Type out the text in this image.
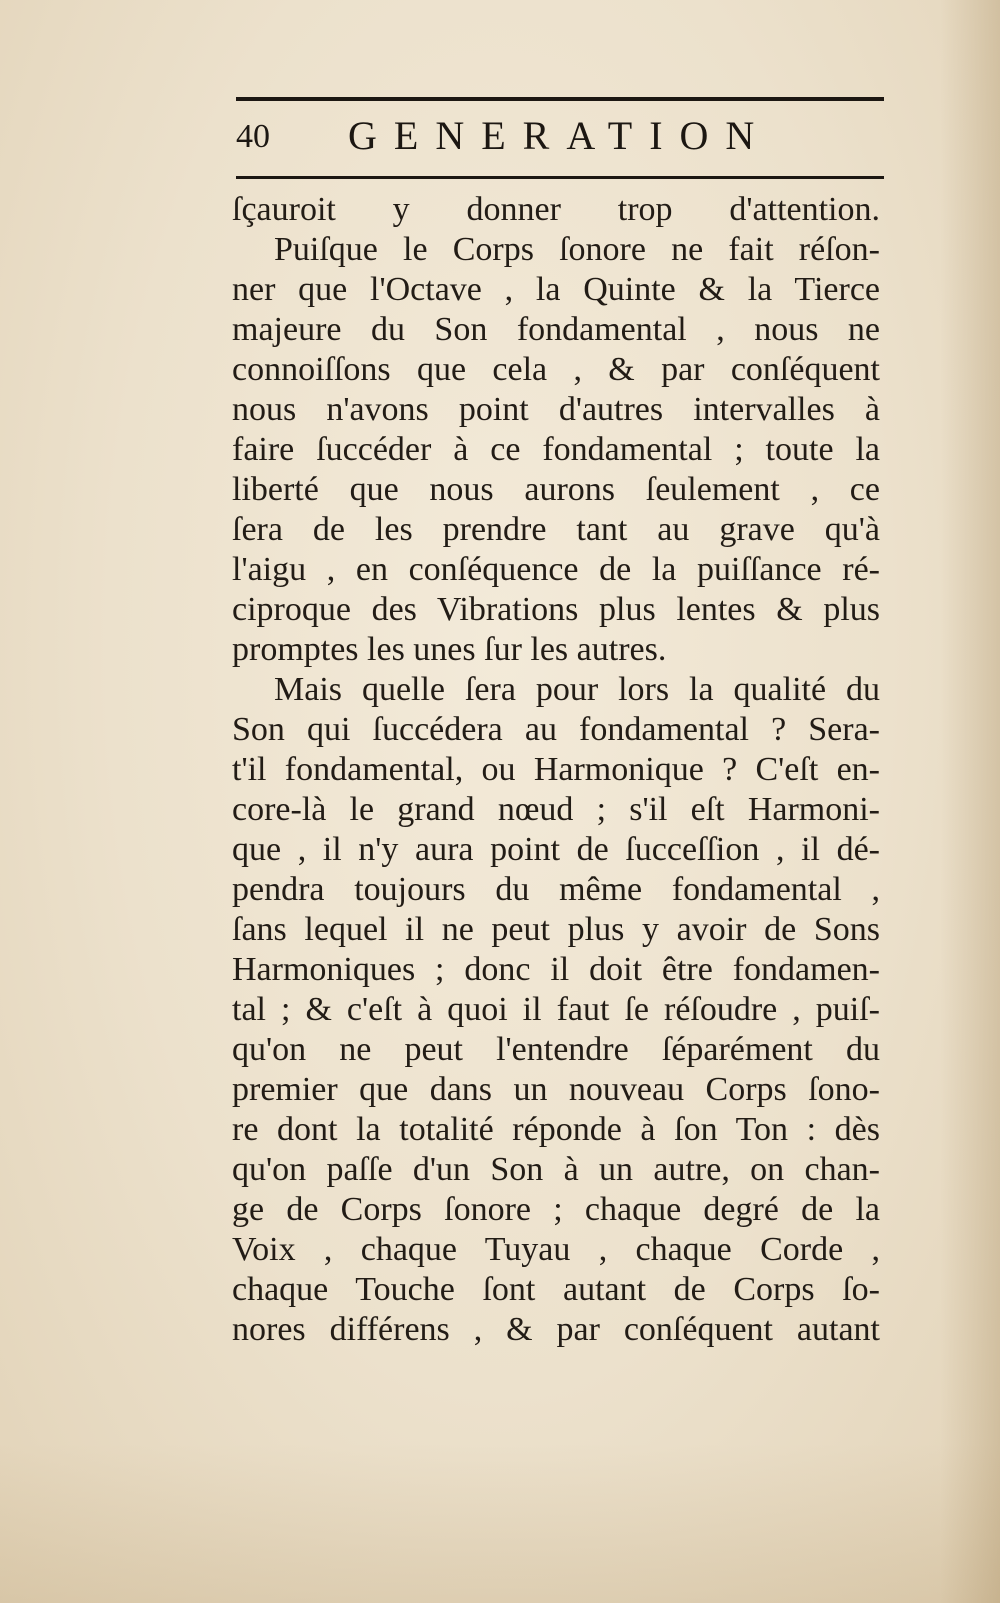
40 GENERATION
ſçauroit y donner trop d'attention.
Puiſque le Corps ſonore ne fait réſon-
ner que l'Octave , la Quinte & la Tierce
majeure du Son fondamental , nous ne
connoiſſons que cela , & par conſéquent
nous n'avons point d'autres intervalles à
faire ſuccéder à ce fondamental ; toute la
liberté que nous aurons ſeulement , ce
ſera de les prendre tant au grave qu'à
l'aigu , en conſéquence de la puiſſance ré-
ciproque des Vibrations plus lentes & plus
promptes les unes ſur les autres.
Mais quelle ſera pour lors la qualité du
Son qui ſuccédera au fondamental ? Sera-
t'il fondamental, ou Harmonique ? C'eſt en-
core-là le grand nœud ; s'il eſt Harmoni-
que , il n'y aura point de ſucceſſion , il dé-
pendra toujours du même fondamental ,
ſans lequel il ne peut plus y avoir de Sons
Harmoniques ; donc il doit être fondamen-
tal ; & c'eſt à quoi il faut ſe réſoudre , puiſ-
qu'on ne peut l'entendre ſéparément du
premier que dans un nouveau Corps ſono-
re dont la totalité réponde à ſon Ton : dès
qu'on paſſe d'un Son à un autre, on chan-
ge de Corps ſonore ; chaque degré de la
Voix , chaque Tuyau , chaque Corde ,
chaque Touche ſont autant de Corps ſo-
nores différens , & par conſéquent autant
